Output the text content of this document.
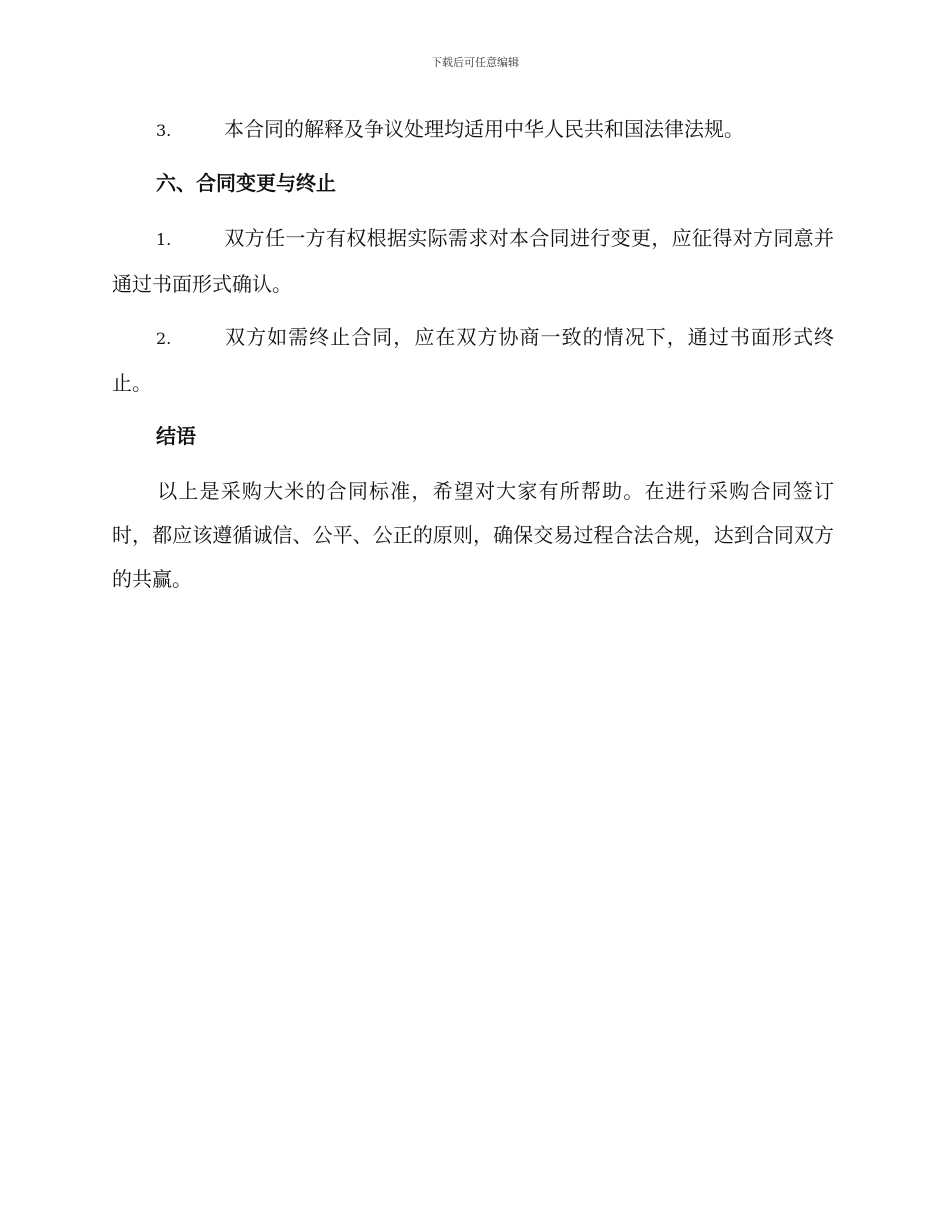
下载后可任意编辑

3.	本合同的解释及争议处理均适用中华人民共和国法律法规。

六、合同变更与终止

1.	双方任一方有权根据实际需求对本合同进行变更，应征得对方同意并通过书面形式确认。

2.	双方如需终止合同，应在双方协商一致的情况下，通过书面形式终止。

结语

以上是采购大米的合同标准，希望对大家有所帮助。在进行采购合同签订时，都应该遵循诚信、公平、公正的原则，确保交易过程合法合规，达到合同双方的共赢。
